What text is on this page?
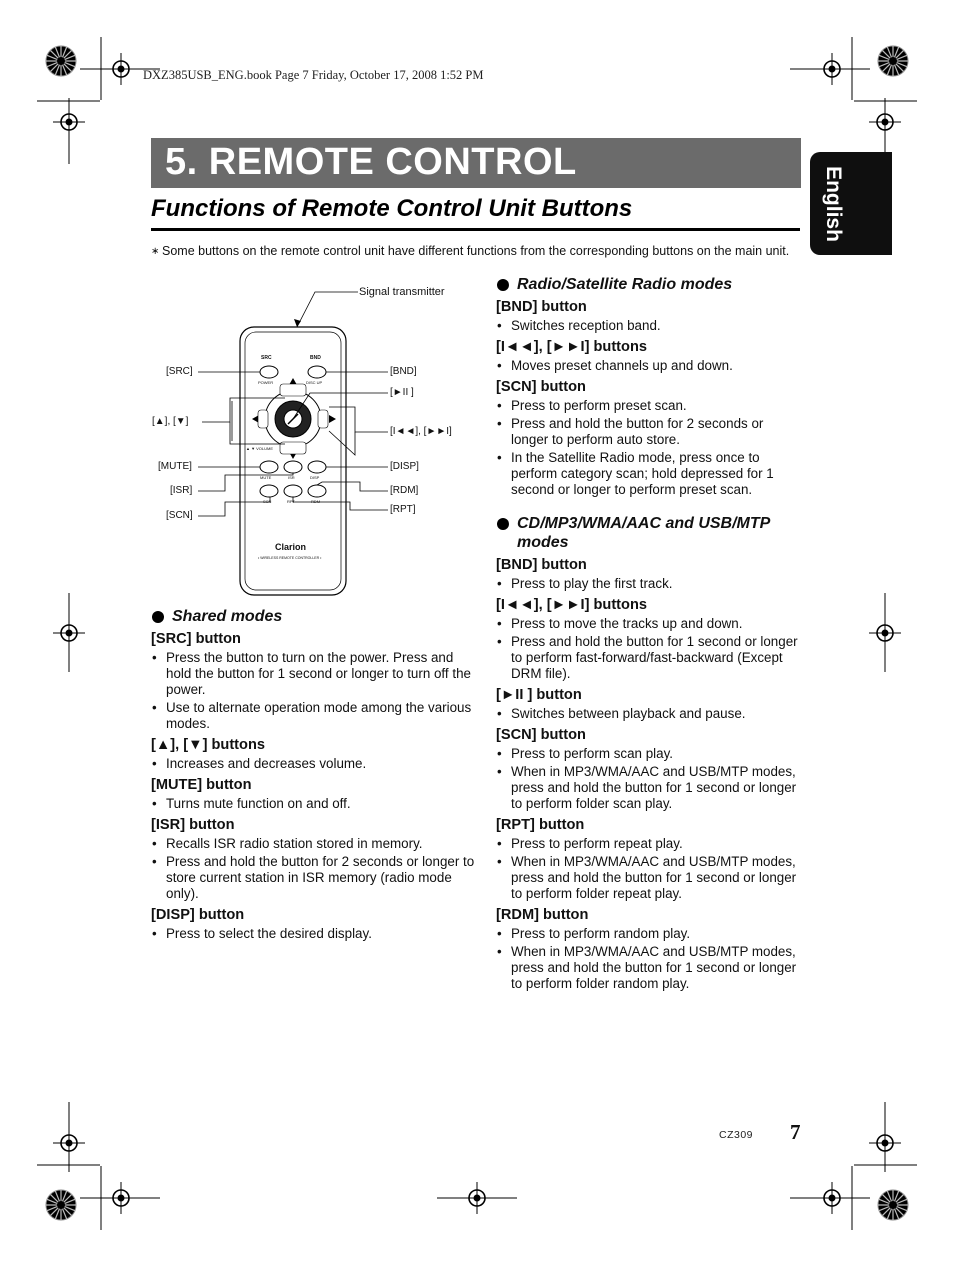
DXZ385USB_ENG.book Page 7 Friday, October 17, 2008 1:52 PM
5. REMOTE CONTROL
English
Functions of Remote Control Unit Buttons
∗ Some buttons on the remote control unit have different functions from the corresponding buttons on the main unit.
Signal transmitter
[SRC]
[▲], [▼]
[MUTE]
[ISR]
[SCN]
[BND]
[►II ]
[I◄◄], [►►I]
[DISP]
[RDM]
[RPT]
SRC
POWER
BND
DISC UP
▲ ▼ VOLUME
MUTE	ISR	DISP
SCN	RPT	RDM
Clarion
• WIRELESS REMOTE CONTROLLER •
Shared modes
[SRC] button
• Press the button to turn on the power. Press and hold the button for 1 second or longer to turn off the power.
• Use to alternate operation mode among the various modes.
[▲], [▼] buttons
• Increases and decreases volume.
[MUTE] button
• Turns mute function on and off.
[ISR] button
• Recalls ISR radio station stored in memory.
• Press and hold the button for 2 seconds or longer to store current station in ISR memory (radio mode only).
[DISP] button
• Press to select the desired display.
Radio/Satellite Radio modes
[BND] button
• Switches reception band.
[I◄◄], [►►I] buttons
• Moves preset channels up and down.
[SCN] button
• Press to perform preset scan.
• Press and hold the button for 2 seconds or longer to perform auto store.
• In the Satellite Radio mode, press once to perform category scan; hold depressed for 1 second or longer to perform preset scan.
CD/MP3/WMA/AAC and USB/MTP modes
[BND] button
• Press to play the first track.
[I◄◄], [►►I] buttons
• Press to move the tracks up and down.
• Press and hold the button for 1 second or longer to perform fast-forward/fast-backward (Except DRM file).
[►II ] button
• Switches between playback and pause.
[SCN] button
• Press to perform scan play.
• When in MP3/WMA/AAC and USB/MTP modes, press and hold the button for 1 second or longer to perform folder scan play.
[RPT] button
• Press to perform repeat play.
• When in MP3/WMA/AAC and USB/MTP modes, press and hold the button for 1 second or longer to perform folder repeat play.
[RDM] button
• Press to perform random play.
• When in MP3/WMA/AAC and USB/MTP modes, press and hold the button for 1 second or longer to perform folder random play.
CZ309 7
